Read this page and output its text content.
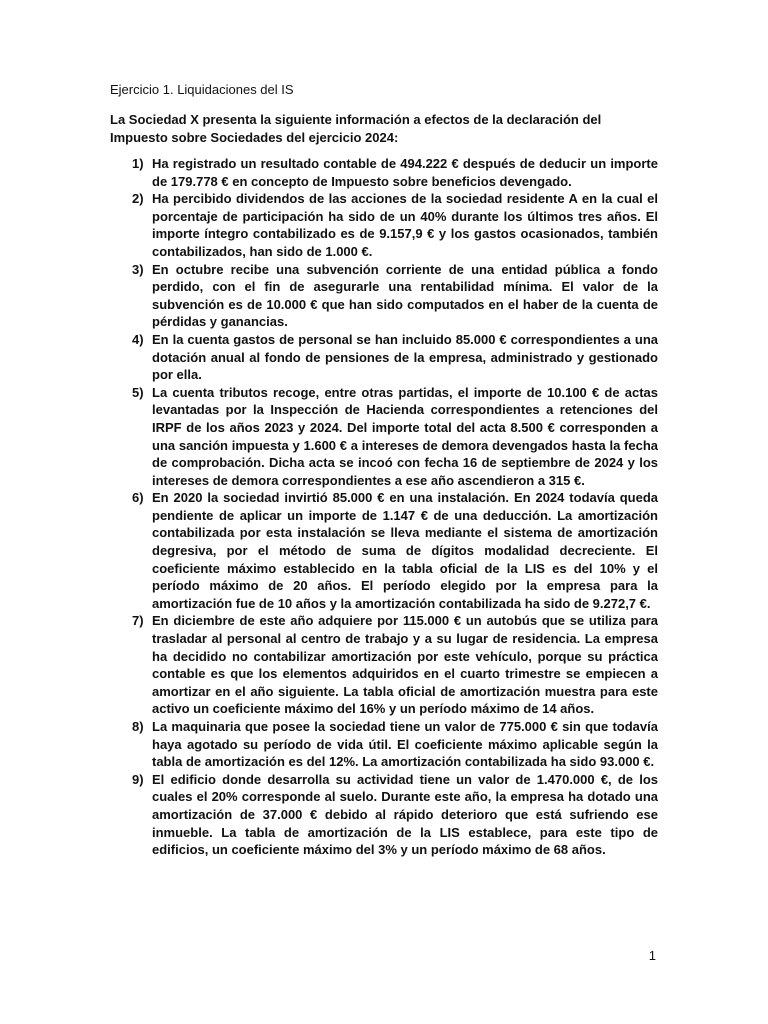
Ejercicio 1. Liquidaciones del IS

La Sociedad X presenta la siguiente información a efectos de la declaración del Impuesto sobre Sociedades del ejercicio 2024:

1) Ha registrado un resultado contable de 494.222 € después de deducir un importe de 179.778 € en concepto de Impuesto sobre beneficios devengado.
2) Ha percibido dividendos de las acciones de la sociedad residente A en la cual el porcentaje de participación ha sido de un 40% durante los últimos tres años. El importe íntegro contabilizado es de 9.157,9 € y los gastos ocasionados, también contabilizados, han sido de 1.000 €.
3) En octubre recibe una subvención corriente de una entidad pública a fondo perdido, con el fin de asegurarle una rentabilidad mínima. El valor de la subvención es de 10.000 € que han sido computados en el haber de la cuenta de pérdidas y ganancias.
4) En la cuenta gastos de personal se han incluido 85.000 € correspondientes a una dotación anual al fondo de pensiones de la empresa, administrado y gestionado por ella.
5) La cuenta tributos recoge, entre otras partidas, el importe de 10.100 € de actas levantadas por la Inspección de Hacienda correspondientes a retenciones del IRPF de los años 2023 y 2024. Del importe total del acta 8.500 € corresponden a una sanción impuesta y 1.600 € a intereses de demora devengados hasta la fecha de comprobación. Dicha acta se incoó con fecha 16 de septiembre de 2024 y los intereses de demora correspondientes a ese año ascendieron a 315 €.
6) En 2020 la sociedad invirtió 85.000 € en una instalación. En 2024 todavía queda pendiente de aplicar un importe de 1.147 € de una deducción. La amortización contabilizada por esta instalación se lleva mediante el sistema de amortización degresiva, por el método de suma de dígitos modalidad decreciente. El coeficiente máximo establecido en la tabla oficial de la LIS es del 10% y el período máximo de 20 años. El período elegido por la empresa para la amortización fue de 10 años y la amortización contabilizada ha sido de 9.272,7 €.
7) En diciembre de este año adquiere por 115.000 € un autobús que se utiliza para trasladar al personal al centro de trabajo y a su lugar de residencia. La empresa ha decidido no contabilizar amortización por este vehículo, porque su práctica contable es que los elementos adquiridos en el cuarto trimestre se empiecen a amortizar en el año siguiente. La tabla oficial de amortización muestra para este activo un coeficiente máximo del 16% y un período máximo de 14 años.
8) La maquinaria que posee la sociedad tiene un valor de 775.000 € sin que todavía haya agotado su período de vida útil. El coeficiente máximo aplicable según la tabla de amortización es del 12%. La amortización contabilizada ha sido 93.000 €.
9) El edificio donde desarrolla su actividad tiene un valor de 1.470.000 €, de los cuales el 20% corresponde al suelo. Durante este año, la empresa ha dotado una amortización de 37.000 € debido al rápido deterioro que está sufriendo ese inmueble. La tabla de amortización de la LIS establece, para este tipo de edificios, un coeficiente máximo del 3% y un período máximo de 68 años.
1
